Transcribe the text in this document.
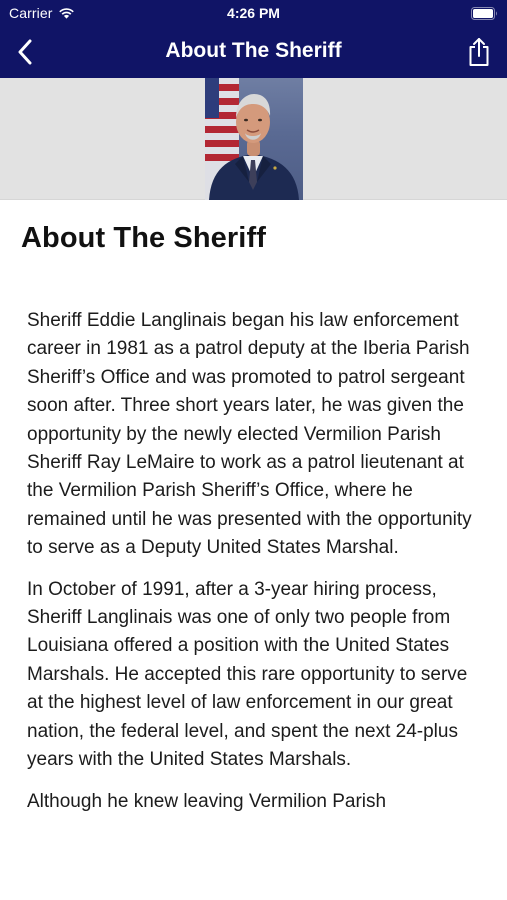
Carrier	4:26 PM
About The Sheriff
About The Sheriff

Sheriff Eddie Langlinais began his law enforcement career in 1981 as a patrol deputy at the Iberia Parish Sheriff’s Office and was promoted to patrol sergeant soon after. Three short years later, he was given the opportunity by the newly elected Vermilion Parish Sheriff Ray LeMaire to work as a patrol lieutenant at the Vermilion Parish Sheriff’s Office, where he remained until he was presented with the opportunity to serve as a Deputy United States Marshal.

In October of 1991, after a 3-year hiring process, Sheriff Langlinais was one of only two people from Louisiana offered a position with the United States Marshals. He accepted this rare opportunity to serve at the highest level of law enforcement in our great nation, the federal level, and spent the next 24-plus years with the United States Marshals.

Although he knew leaving Vermilion Parish
